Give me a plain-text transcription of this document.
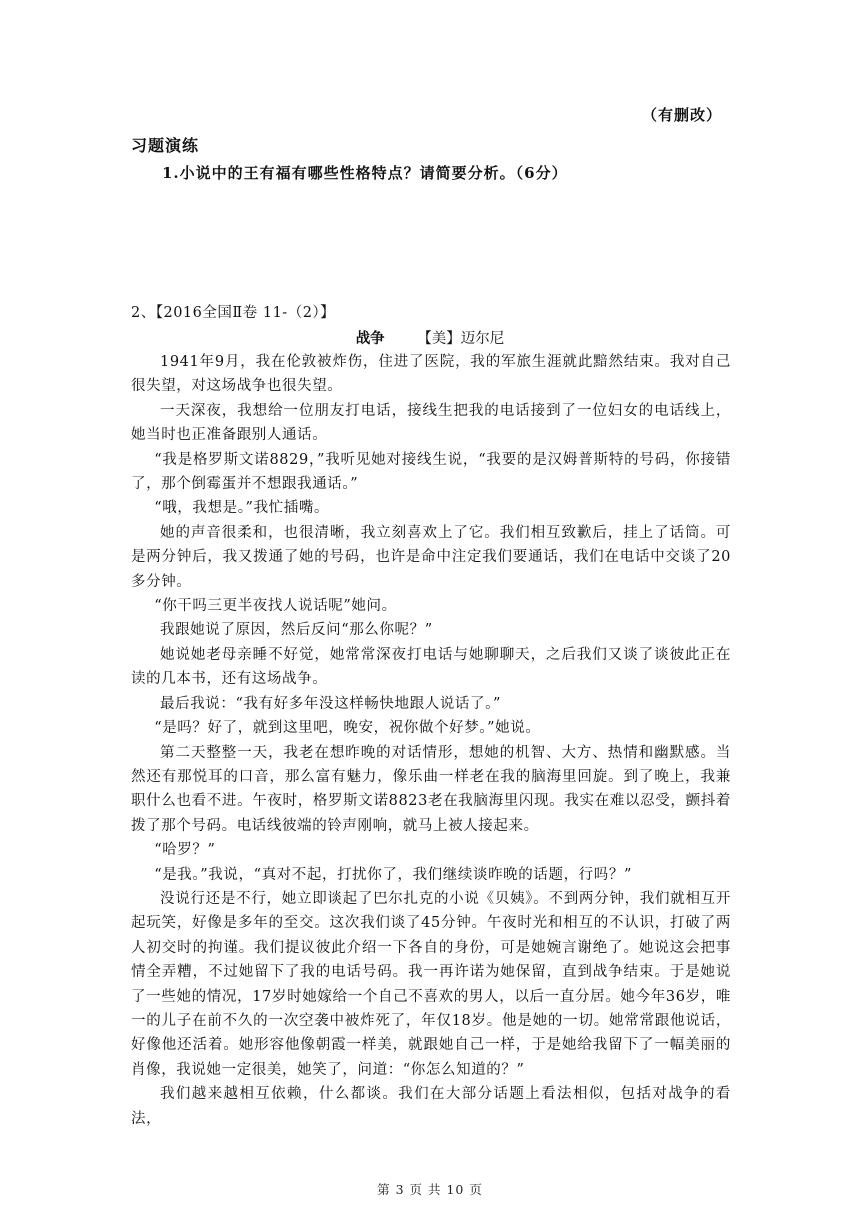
（有删改）
习题演练
1.小说中的王有福有哪些性格特点？请简要分析。（6分）
2、【2016全国Ⅱ卷 11-（2）】
战争 【美】迈尔尼

1941年9月，我在伦敦被炸伤，住进了医院，我的军旅生涯就此黯然结束。我对自己很失望，对这场战争也很失望。

一天深夜，我想给一位朋友打电话，接线生把我的电话接到了一位妇女的电话线上，她当时也正准备跟别人通话。

“我是格罗斯文诺8829，”我听见她对接线生说，“我要的是汉姆普斯特的号码，你接错了，那个倒霉蛋并不想跟我通话。”

“哦，我想是。”我忙插嘴。

她的声音很柔和，也很清晰，我立刻喜欢上了它。我们相互致歉后，挂上了话筒。可是两分钟后，我又拨通了她的号码，也许是命中注定我们要通话，我们在电话中交谈了20多分钟。

“你干吗三更半夜找人说话呢”她问。

我跟她说了原因，然后反问“那么你呢？”

她说她老母亲睡不好觉，她常常深夜打电话与她聊聊天，之后我们又谈了谈彼此正在读的几本书，还有这场战争。

最后我说：“我有好多年没这样畅快地跟人说话了。”

“是吗？好了，就到这里吧，晚安，祝你做个好梦。”她说。

第二天整整一天，我老在想昨晚的对话情形，想她的机智、大方、热情和幽默感。当然还有那悦耳的口音，那么富有魅力，像乐曲一样老在我的脑海里回旋。到了晚上，我兼职什么也看不进。午夜时，格罗斯文诺8823老在我脑海里闪现。我实在难以忍受，颤抖着拨了那个号码。电话线彼端的铃声刚响，就马上被人接起来。

“哈罗？”

“是我。”我说，“真对不起，打扰你了，我们继续谈昨晚的话题，行吗？”

没说行还是不行，她立即谈起了巴尔扎克的小说《贝姨》。不到两分钟，我们就相互开起玩笑，好像是多年的至交。这次我们谈了45分钟。午夜时光和相互的不认识，打破了两人初交时的拘谨。我们提议彼此介绍一下各自的身份，可是她婉言谢绝了。她说这会把事情全弄糟，不过她留下了我的电话号码。我一再许诺为她保留，直到战争结束。于是她说了一些她的情况，17岁时她嫁给一个自己不喜欢的男人，以后一直分居。她今年36岁，唯一的儿子在前不久的一次空袭中被炸死了，年仅18岁。他是她的一切。她常常跟他说话，好像他还活着。她形容他像朝霞一样美，就跟她自己一样，于是她给我留下了一幅美丽的肖像，我说她一定很美，她笑了，问道：“你怎么知道的？”

我们越来越相互依赖，什么都谈。我们在大部分话题上看法相似，包括对战争的看法，

第 3 页 共 10 页
